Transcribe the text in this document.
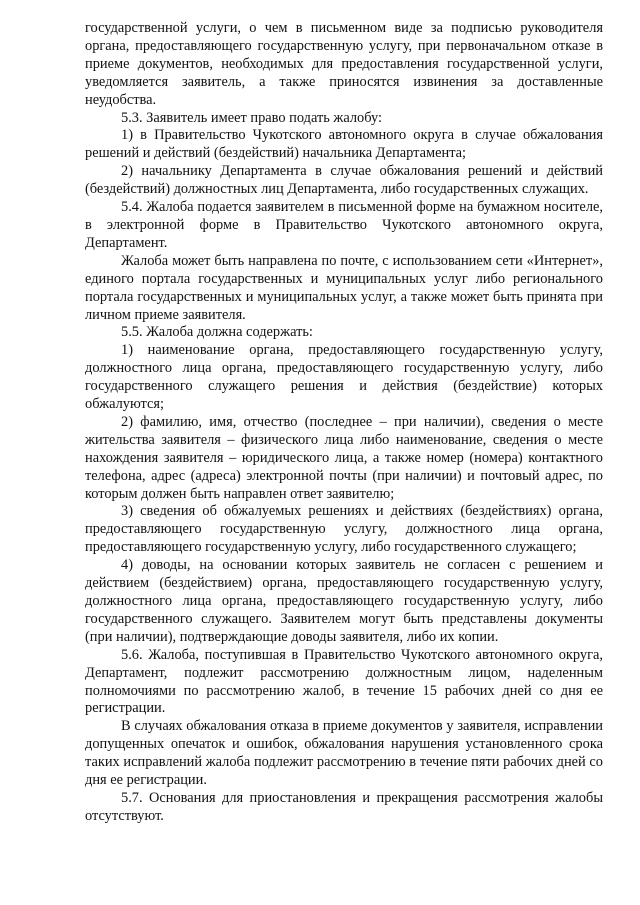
государственной услуги, о чем в письменном виде за подписью руководителя органа, предоставляющего государственную услугу, при первоначальном отказе в приеме документов, необходимых для предоставления государственной услуги, уведомляется заявитель, а также приносятся извинения за доставленные неудобства.

5.3. Заявитель имеет право подать жалобу:

1) в Правительство Чукотского автономного округа в случае обжалования решений и действий (бездействий) начальника Департамента;

2) начальнику Департамента в случае обжалования решений и действий (бездействий) должностных лиц Департамента, либо государственных служащих.

5.4. Жалоба подается заявителем в письменной форме на бумажном носителе, в электронной форме в Правительство Чукотского автономного округа, Департамент.

Жалоба может быть направлена по почте, с использованием сети «Интернет», единого портала государственных и муниципальных услуг либо регионального портала государственных и муниципальных услуг, а также может быть принята при личном приеме заявителя.

5.5. Жалоба должна содержать:

1) наименование органа, предоставляющего государственную услугу, должностного лица органа, предоставляющего государственную услугу, либо государственного служащего решения и действия (бездействие) которых обжалуются;

2) фамилию, имя, отчество (последнее – при наличии), сведения о месте жительства заявителя – физического лица либо наименование, сведения о месте нахождения заявителя – юридического лица, а также номер (номера) контактного телефона, адрес (адреса) электронной почты (при наличии) и почтовый адрес, по которым должен быть направлен ответ заявителю;

3) сведения об обжалуемых решениях и действиях (бездействиях) органа, предоставляющего государственную услугу, должностного лица органа, предоставляющего государственную услугу, либо государственного служащего;

4) доводы, на основании которых заявитель не согласен с решением и действием (бездействием) органа, предоставляющего государственную услугу, должностного лица органа, предоставляющего государственную услугу, либо государственного служащего. Заявителем могут быть представлены документы (при наличии), подтверждающие доводы заявителя, либо их копии.

5.6. Жалоба, поступившая в Правительство Чукотского автономного округа, Департамент, подлежит рассмотрению должностным лицом, наделенным полномочиями по рассмотрению жалоб, в течение 15 рабочих дней со дня ее регистрации.

В случаях обжалования отказа в приеме документов у заявителя, исправлении допущенных опечаток и ошибок, обжалования нарушения установленного срока таких исправлений жалоба подлежит рассмотрению в течение пяти рабочих дней со дня ее регистрации.

5.7. Основания для приостановления и прекращения рассмотрения жалобы отсутствуют.
